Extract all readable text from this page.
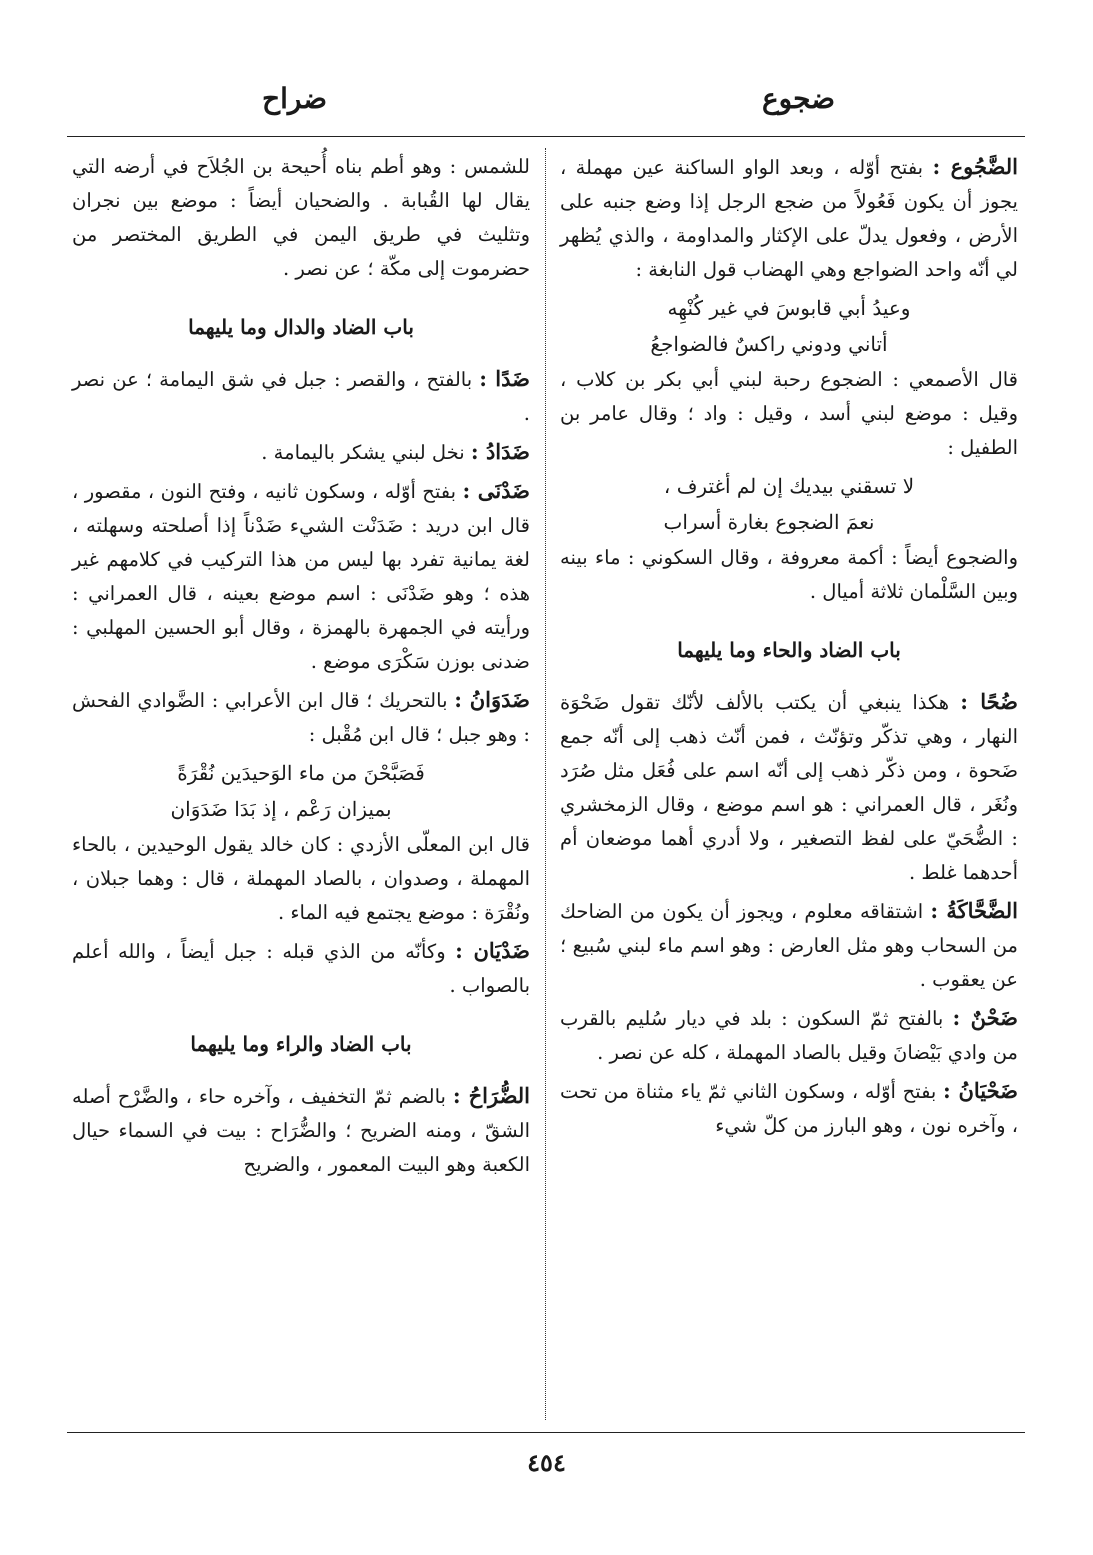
ضجوع
ضراح
الضَّجُوع : بفتح أوّله ، وبعد الواو الساكنة عين مهملة ، يجوز أن يكون فَعُولاً من ضجع الرجل إذا وضع جنبه على الأرض ، وفعول يدلّ على الإكثار والمداومة ، والذي يُظهر لي أنّه واحد الضواجع وهي الهضاب قول النابغة :
وعيدُ أبي قابوسَ في غير كُنْهِه
أتاني ودوني راكسٌ فالضواجعُ
قال الأصمعي : الضجوع رحبة لبني أبي بكر بن كلاب ، وقيل : موضع لبني أسد ، وقيل : واد ؛ وقال عامر بن الطفيل :
لا تسقني بيديك إن لم أغترف ،
نعمَ الضجوع بغارة أسراب
والضجوع أيضاً : أكمة معروفة ، وقال السكوني : ماء بينه وبين السَّلْمان ثلاثة أميال .
باب الضاد والحاء وما يليهما
ضُحًا : هكذا ينبغي أن يكتب بالألف لأنّك تقول ضَحْوَة النهار ، وهي تذكّر وتؤنّث ، فمن أنّث ذهب إلى أنّه جمع ضَحوة ، ومن ذكّر ذهب إلى أنّه اسم على فُعَل مثل صُرَد ونُغَر ، قال العمراني : هو اسم موضع ، وقال الزمخشري : الضُّحَيّ على لفظ التصغير ، ولا أدري أهما موضعان أم أحدهما غلط .
الضَّحَّاكَةُ : اشتقاقه معلوم ، ويجوز أن يكون من الضاحك من السحاب وهو مثل العارض : وهو اسم ماء لبني سُبيع ؛ عن يعقوب .
ضَحْنٌ : بالفتح ثمّ السكون : بلد في ديار سُليم بالقرب من وادي بَيْضانَ وقيل بالصاد المهملة ، كله عن نصر .
ضَحْيَانُ : بفتح أوّله ، وسكون الثاني ثمّ ياء مثناة من تحت ، وآخره نون ، وهو البارز من كلّ شيء
للشمس : وهو أطم بناه أُحيحة بن الجُلاَح في أرضه التي يقال لها القُبابة . والضحيان أيضاً : موضع بين نجران وتثليث في طريق اليمن في الطريق المختصر من حضرموت إلى مكّة ؛ عن نصر .
باب الضاد والدال وما يليهما
ضَدًا : بالفتح ، والقصر : جبل في شق اليمامة ؛ عن نصر .
ضَدَادُ : نخل لبني يشكر باليمامة .
ضَدْنَى : بفتح أوّله ، وسكون ثانيه ، وفتح النون ، مقصور ، قال ابن دريد : ضَدَنْت الشيء ضَدْناً إذا أصلحته وسهلته ، لغة يمانية تفرد بها ليس من هذا التركيب في كلامهم غير هذه ؛ وهو ضَدْنَى : اسم موضع بعينه ، قال العمراني : ورأيته في الجمهرة بالهمزة ، وقال أبو الحسين المهلبي : ضدنى بوزن سَكْرَى موضع .
ضَدَوَانُ : بالتحريك ؛ قال ابن الأعرابي : الضَّوادي الفحش : وهو جبل ؛ قال ابن مُقْبل :
فَصَبَّحْنَ من ماء الوَحيدَين نُقْرَةً
بميزان رَعْم ، إذ بَدَا ضَدَوَان
قال ابن المعلّى الأزدي : كان خالد يقول الوحيدين ، بالحاء المهملة ، وصدوان ، بالصاد المهملة ، قال : وهما جبلان ، ونُقْرَة : موضع يجتمع فيه الماء .
ضَدْيَان : وكأنّه من الذي قبله : جبل أيضاً ، والله أعلم بالصواب .
باب الضاد والراء وما يليهما
الضُّرَاحُ : بالضم ثمّ التخفيف ، وآخره حاء ، والضَّرْح أصله الشقّ ، ومنه الضريح ؛ والضُّرَاح : بيت في السماء حيال الكعبة وهو البيت المعمور ، والضريح
٤٥٤
